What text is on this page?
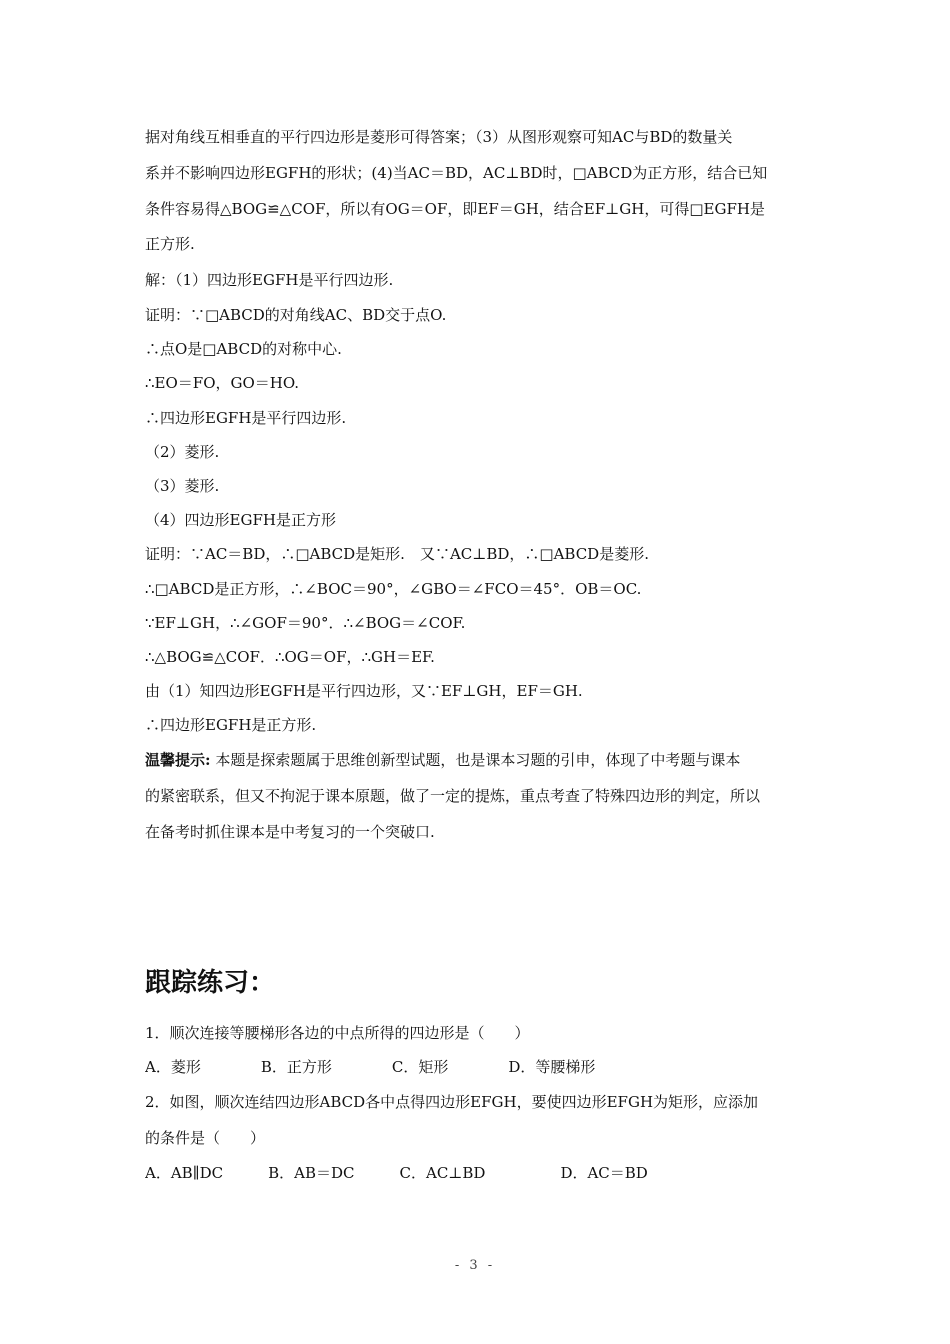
据对角线互相垂直的平行四边形是菱形可得答案；（3）从图形观察可知AC与BD的数量关
系并不影响四边形EGFH的形状；(4)当AC＝BD，AC⊥BD时，□ABCD为正方形，结合已知
条件容易得△BOG≌△COF，所以有OG＝OF，即EF＝GH，结合EF⊥GH，可得□EGFH是
正方形.
解：（1）四边形EGFH是平行四边形.
证明：∵□ABCD的对角线AC、BD交于点O.
∴点O是□ABCD的对称中心.
∴EO＝FO，GO＝HO.
∴四边形EGFH是平行四边形.
（2）菱形.
（3）菱形.
（4）四边形EGFH是正方形
证明：∵AC＝BD，∴□ABCD是矩形.　又∵AC⊥BD，∴□ABCD是菱形.
∴□ABCD是正方形，∴∠BOC＝90°，∠GBO＝∠FCO＝45°．OB＝OC.
∵EF⊥GH，∴∠GOF＝90°．∴∠BOG＝∠COF.
∴△BOG≌△COF．∴OG＝OF，∴GH＝EF.
由（1）知四边形EGFH是平行四边形，又∵EF⊥GH，EF＝GH.
∴四边形EGFH是正方形.
温馨提示: 本题是探索题属于思维创新型试题，也是课本习题的引申，体现了中考题与课本
的紧密联系，但又不拘泥于课本原题，做了一定的提炼，重点考查了特殊四边形的判定，所以
在备考时抓住课本是中考复习的一个突破口.
跟踪练习：
1．顺次连接等腰梯形各边的中点所得的四边形是（　　）
A．菱形　　　　B．正方形　　　　C．矩形　　　　D．等腰梯形
2．如图，顺次连结四边形ABCD各中点得四边形EFGH，要使四边形EFGH为矩形，应添加
的条件是（　　）
A．AB∥DC　　　B．AB＝DC　　　C．AC⊥BD　　　　　D．AC＝BD
- 3 -
